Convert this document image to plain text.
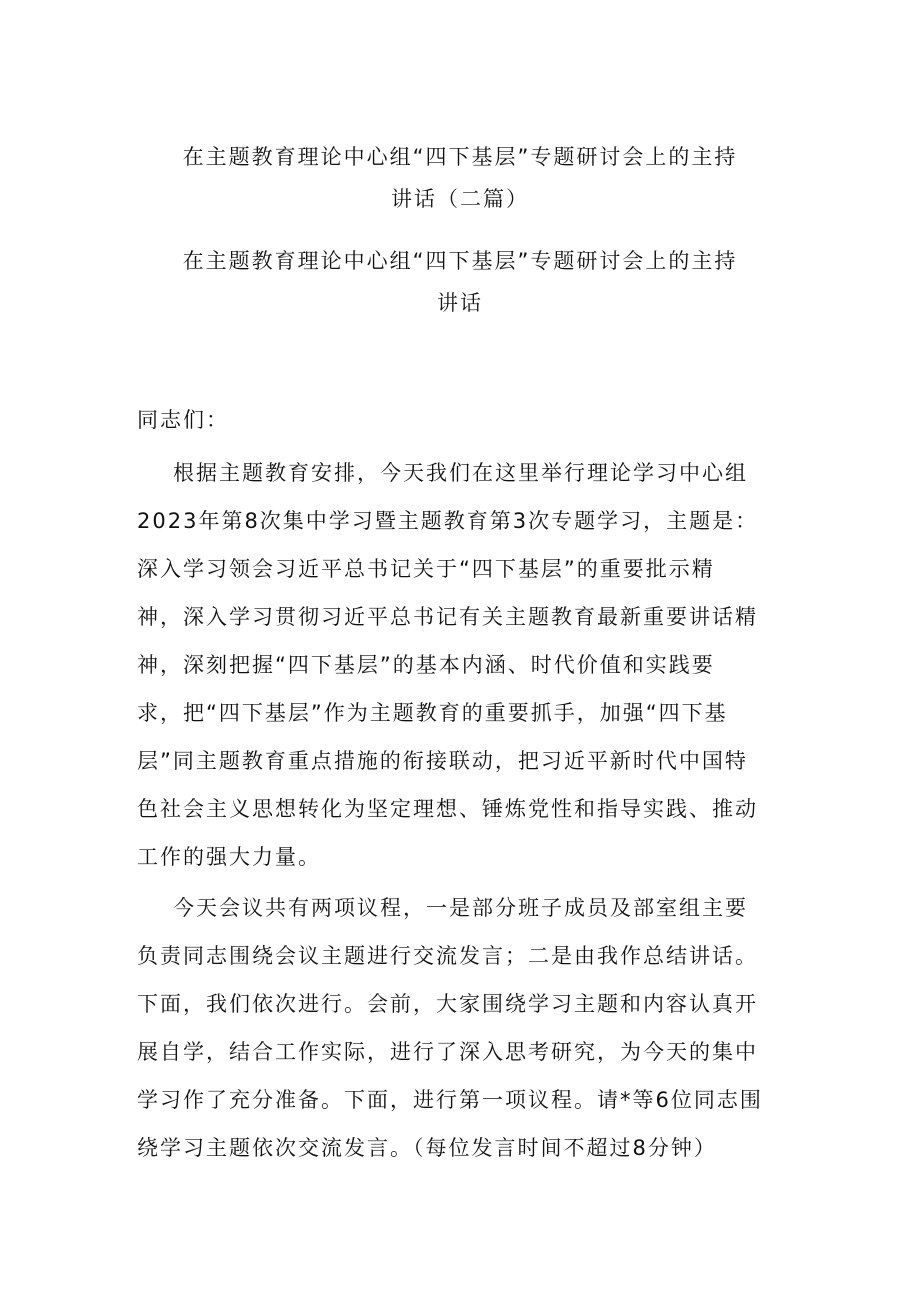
在主题教育理论中心组“四下基层”专题研讨会上的主持
讲话（二篇）
在主题教育理论中心组“四下基层”专题研讨会上的主持
讲话
同志们：
根据主题教育安排，今天我们在这里举行理论学习中心组
2023年第8次集中学习暨主题教育第3次专题学习，主题是：
深入学习领会习近平总书记关于“四下基层”的重要批示精
神，深入学习贯彻习近平总书记有关主题教育最新重要讲话精
神，深刻把握“四下基层”的基本内涵、时代价值和实践要
求，把“四下基层”作为主题教育的重要抓手，加强“四下基
层”同主题教育重点措施的衔接联动，把习近平新时代中国特
色社会主义思想转化为坚定理想、锤炼党性和指导实践、推动
工作的强大力量。
今天会议共有两项议程，一是部分班子成员及部室组主要
负责同志围绕会议主题进行交流发言；二是由我作总结讲话。
下面，我们依次进行。会前，大家围绕学习主题和内容认真开
展自学，结合工作实际，进行了深入思考研究，为今天的集中
学习作了充分准备。下面，进行第一项议程。请*等6位同志围
绕学习主题依次交流发言。（每位发言时间不超过8分钟）
